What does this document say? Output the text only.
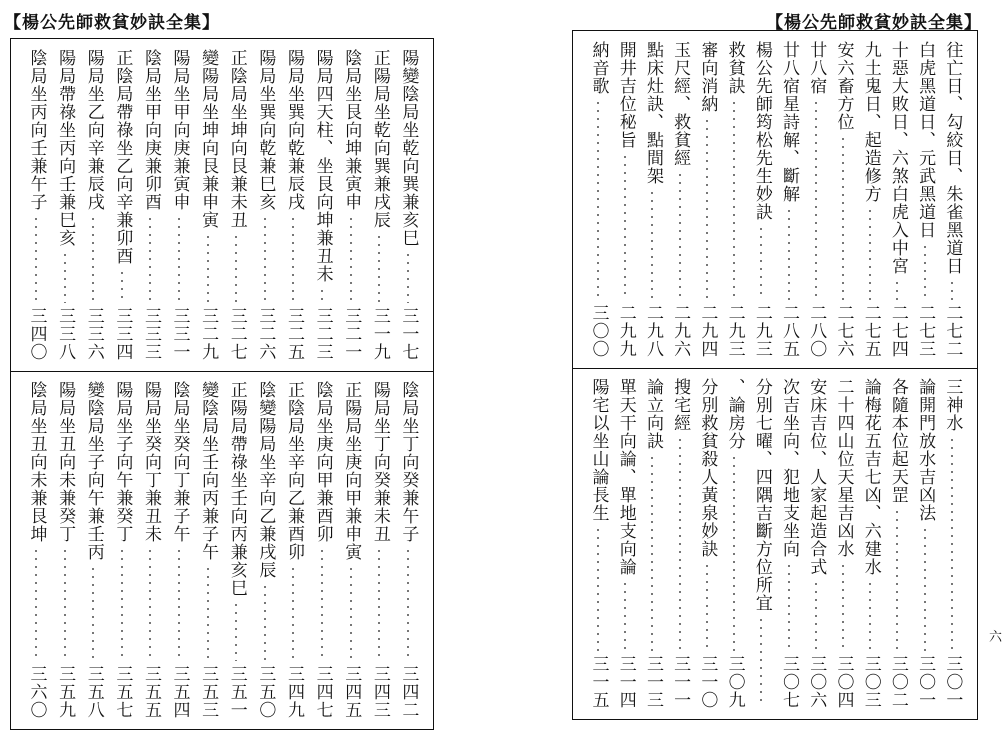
【楊公先師救貧妙訣全集】	【楊公先師救貧妙訣全集】
陽變陰局坐乾向巽兼亥巳
三一七
正陽局坐乾向巽兼戌辰
三一九
陰局坐艮向坤兼寅申
三二一
陽局四天柱、坐艮向坤兼丑未
三二三
陽局坐巽向乾兼辰戌
三二五
陽局坐巽向乾兼巳亥
三二六
正陰局坐坤向艮兼未丑
三二七
變陽局坐坤向艮兼申寅
三二九
陽局坐甲向庚兼寅申
三三一
陰局坐甲向庚兼卯酉
三三三
正陰局帶祿坐乙向辛兼卯酉
三三四
陽局坐乙向辛兼辰戌
三三六
陽局帶祿坐丙向壬兼巳亥
三三八
陰局坐丙向壬兼午子
三四〇
陰局坐丁向癸兼午子
三四二
陽局坐丁向癸兼未丑
三四三
正陽局坐庚向甲兼申寅
三四五
陰局坐庚向甲兼酉卯
三四七
正陰局坐辛向乙兼酉卯
三四九
陰變陽局坐辛向乙兼戌辰
三五〇
正陽局帶祿坐壬向丙兼亥巳
三五一
變陰局坐壬向丙兼子午
三五三
陰局坐癸向丁兼子午
三五四
陽局坐癸向丁兼丑未
三五五
陽局坐子向午兼癸丁
三五七
變陰局坐子向午兼壬丙
三五八
陽局坐丑向未兼癸丁
三五九
陰局坐丑向未兼艮坤
三六〇
往亡日、勾絞日、朱雀黑道日
二七二
白虎黑道日、元武黑道日
二七三
十惡大敗日、六煞白虎入中宮
二七四
九土鬼日、起造修方
二七五
安六畜方位
二七六
廿八宿
二八〇
廿八宿星詩解、斷解
二八五
楊公先師筠松先生妙訣
二九三
救貧訣
二九三
審向消納
二九四
玉尺經、救貧經
二九六
點床灶訣、點間架
二九八
開井吉位秘旨
二九九
納音歌
三〇〇
三神水
三〇一
論開門放水吉凶法
三〇一
各隨本位起天罡
三〇二
論梅花五吉七凶、六建水
三〇三
二十四山位天星吉凶水
三〇四
安床吉位、人家起造合式
三〇六
次吉坐向、犯地支坐向
三〇七
分別七曜、四隅吉斷方位所宜
、論房分
三〇九
分別救貧殺人黃泉妙訣
三一〇
搜宅經
三一一
論立向訣
三一三
單天干向論、單地支向論
三一四
陽宅以坐山論長生
三一五
六
